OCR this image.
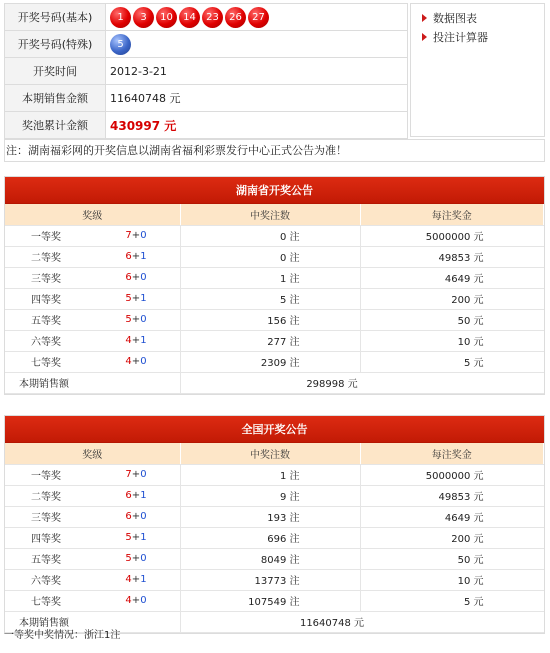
开奖号码(基本)	1 3 10 14 23 26 27
开奖号码(特殊)	5
开奖时间	2012-3-21
本期销售金额	11640748 元
奖池累计金额	430997 元
数据图表
投注计算器
注：湖南福彩网的开奖信息以湖南省福利彩票发行中心正式公告为准！
湖南省开奖公告
奖级		中奖注数	每注奖金
一等奖	7+0	0 注	5000000 元
二等奖	6+1	0 注	49853 元
三等奖	6+0	1 注	4649 元
四等奖	5+1	5 注	200 元
五等奖	5+0	156 注	50 元
六等奖	4+1	277 注	10 元
七等奖	4+0	2309 注	5 元
本期销售额		298998 元	
全国开奖公告
奖级		中奖注数	每注奖金
一等奖	7+0	1 注	5000000 元
二等奖	6+1	9 注	49853 元
三等奖	6+0	193 注	4649 元
四等奖	5+1	696 注	200 元
五等奖	5+0	8049 注	50 元
六等奖	4+1	13773 注	10 元
七等奖	4+0	107549 注	5 元
本期销售额		11640748 元	
一等奖中奖情况：浙江1注
